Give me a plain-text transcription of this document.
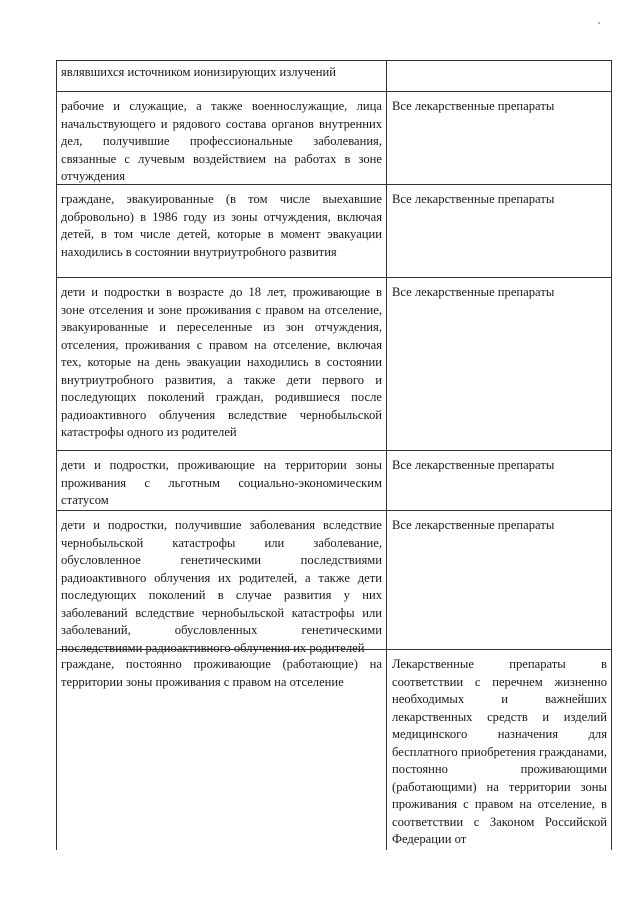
являвшихся источником ионизирующих излучений
рабочие и служащие, а также военнослужащие, лица начальствующего и рядового состава органов внутренних дел, получившие профессиональные заболевания, связанные с лучевым воздействием на работах в зоне отчуждения
Все лекарственные препараты
граждане, эвакуированные (в том числе выехавшие добровольно) в 1986 году из зоны отчуждения, включая детей, в том числе детей, которые в момент эвакуации находились в состоянии внутриутробного развития
Все лекарственные препараты
дети и подростки в возрасте до 18 лет, проживающие в зоне отселения и зоне проживания с правом на отселение, эвакуированные и переселенные из зон отчуждения, отселения, проживания с правом на отселение, включая тех, которые на день эвакуации находились в состоянии внутриутробного развития, а также дети первого и последующих поколений граждан, родившиеся после радиоактивного облучения вследствие чернобыльской катастрофы одного из родителей
Все лекарственные препараты
дети и подростки, проживающие на территории зоны проживания с льготным социально-экономическим статусом
Все лекарственные препараты
дети и подростки, получившие заболевания вследствие чернобыльской катастрофы или заболевание, обусловленное генетическими последствиями радиоактивного облучения их родителей, а также дети последующих поколений в случае развития у них заболеваний вследствие чернобыльской катастрофы или заболеваний, обусловленных генетическими последствиями радиоактивного облучения их родителей
Все лекарственные препараты
граждане, постоянно проживающие (работающие) на территории зоны проживания с правом на отселение
Лекарственные препараты в соответствии с перечнем жизненно необходимых и важнейших лекарственных средств и изделий медицинского назначения для бесплатного приобретения гражданами, постоянно проживающими (работающими) на территории зоны проживания с правом на отселение, в соответствии с Законом Российской Федерации от
